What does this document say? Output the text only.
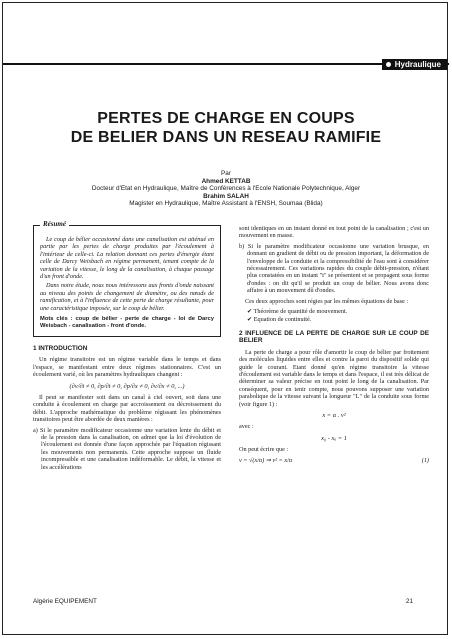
Hydraulique
PERTES DE CHARGE EN COUPS
DE BELIER DANS UN RESEAU RAMIFIE
Par
Ahmed KETTAB
Docteur d'Etat en Hydraulique, Maître de Conférences à l'Ecole Nationale Polytechnique, Alger
Brahim SALAH
Magister en Hydraulique, Maître Assistant à l'ENSH, Soumaa (Blida)
Résumé

Le coup de bélier occasionné dans une canalisation est atténué en partie par les pertes de charge produites par l'écoulement à l'intérieur de celle-ci. La relation donnant ces pertes d'énergie étant celle de Darcy Weisbach en régime permanent, tenant compte de la variation de la vitesse, le long de la canalisation, à chaque passage d'un front d'onde.

Dans notre étude, nous nous intéressons aux fronts d'onde naissant au niveau des points de changement de diamètre, ou des nœuds de ramification, et à l'influence de cette perte de charge résultante, pour une caractéristique imposée, sur le coup de bélier.

Mots clés : coup de bélier - perte de charge - loi de Darcy Weisbach - canalisation - front d'onde.
1 INTRODUCTION

Un régime transitoire est un régime variable dans le temps et dans l'espace, se manifestant entre deux régimes stationnaires. C'est un écoulement varié, où les paramètres hydrauliques changent :

(∂v/∂t ≠ 0, ∂p/∂t ≠ 0, ∂p/∂x ≠ 0, ∂v/∂x ≠ 0, ...)

Il peut se manifester soit dans un canal à ciel ouvert, soit dans une conduite à écoulement en charge par accroissement ou décroissement du débit. L'approche mathématique du problème régissant les phénomènes transitoires peut être abordée de deux manières :

a) Si le paramètre modificateur occasionne une variation lente du débit et de la pression dans la canalisation, on admet que la loi d'évolution de l'écoulement est donnée d'une façon approchée par l'équation régissant les mouvements non permanents. Cette approche suppose un fluide incompressible et une canalisation indéformable. Le débit, la vitesse et les accélérations

sont identiques en un instant donné en tout point de la canalisation ; c'est un mouvement en masse.

b) Si le paramètre modificateur occasionne une variation brusque, en donnant un gradient de débit ou de pression important, la déformation de l'enveloppe de la conduite et la compressibilité de l'eau sont à considérer nécessairement. Ces variations rapides du couple débit-pression, n'étant plus constatées en un instant "t" se présentent et se propagent sous forme d'ondes : on dit qu'il se produit un coup de bélier. Nous avons donc affaire à un mouvement dû d'ondes.

Ces deux approches sont régies par les mêmes équations de base :

✔ Théorème de quantité de mouvement.
✔ Equation de continuité.
2 INFLUENCE DE LA PERTE DE CHARGE SUR LE COUP DE BELIER

La perte de charge a pour rôle d'amortir le coup de bélier par frottement des molécules liquides entre elles et contre la paroi du dispositif solide qui guide le courant. Etant donné qu'en régime transitoire la vitesse d'écoulement est variable dans le temps et dans l'espace, il est très délicat de déterminer sa valeur précise en tout point le long de la canalisation. Par conséquent, pour en tenir compte, nous pouvons supposer une variation parabolique de la vitesse suivant la longueur "L" de la conduite sous forme (voir figure 1) :

x = α . v²
avec :
x₀ - xₐ = 1
On peut écrire que :
v = √(x/α) ⇒ v² = x/α	(1)
Algérie EQUIPEMENT	21
